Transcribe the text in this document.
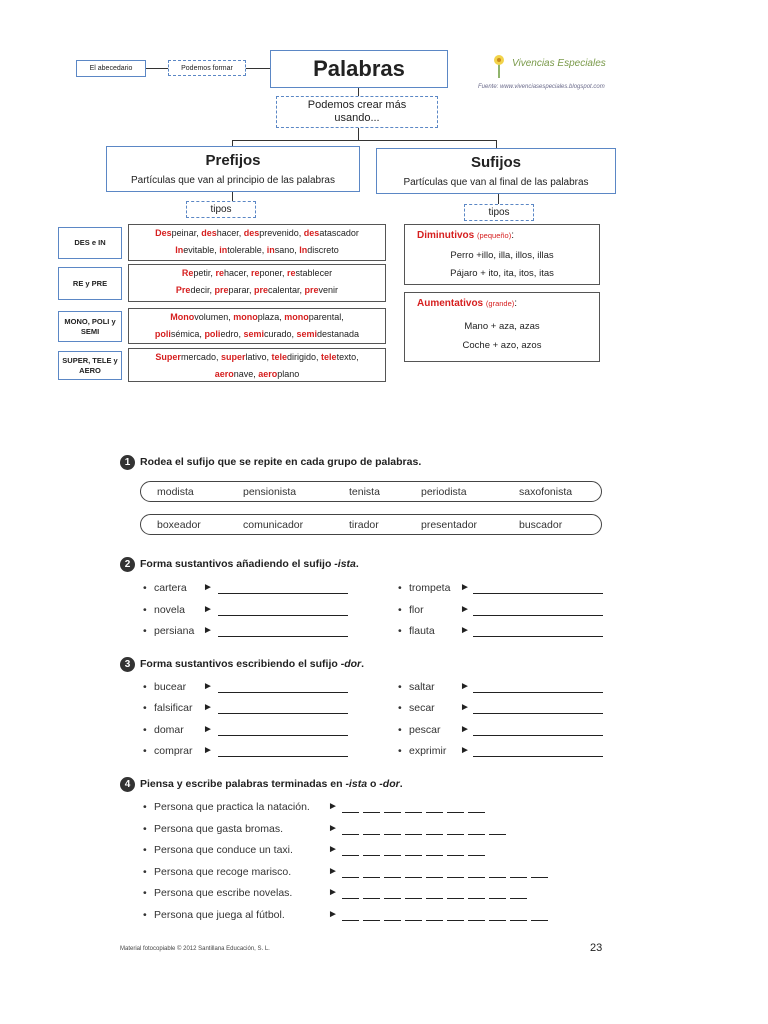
El abecedario	Podemos formar	Palabras	Vivencias Especiales
Fuente: www.vivenciasespeciales.blogspot.com
Podemos crear más usando...
Prefijos
Partículas que van al principio de las palabras
tipos
Sufijos
Partículas que van al final de las palabras
tipos
DES e IN
Despeinar, deshacer, desprevenido, desatascador
Inevitable, intolerable, insano, Indiscreto
RE y PRE
Repetir, rehacer, reponer, restablecer
Predecir, preparar, precalentar, prevenir
MONO, POLI y SEMI
Monovolumen, monoplaza, monoparental,
polisémica, poliedro, semicurado, semidestanada
SUPER, TELE y AERO
Supermercado, superlativo, teledirigido, teletexto,
aeronave, aeroplano
Diminutivos (pequeño):
Perro +illo, illa, illos, illas
Pájaro + ito, ita, itos, itas
Aumentativos (grande):
Mano + aza, azas
Coche + azo, azos
1 Rodea el sufijo que se repite en cada grupo de palabras.
modista	pensionista	tenista	periodista	saxofonista
boxeador	comunicador	tirador	presentador	buscador
2 Forma sustantivos añadiendo el sufijo -ista.
• cartera ►	• trompeta ►
• novela ►	• flor	►
• persiana ►	• flauta	►
3 Forma sustantivos escribiendo el sufijo -dor.
• bucear ►	• saltar	►
• falsificar ►	• secar	►
• domar ►	• pescar ►
• comprar ►	• exprimir ►
4 Piensa y escribe palabras terminadas en -ista o -dor.
• Persona que practica la natación. ►
• Persona que gasta bromas.	►
• Persona que conduce un taxi.	►
• Persona que recoge marisco.	►
• Persona que escribe novelas.	►
• Persona que juega al fútbol.	►
Material fotocopiable © 2012 Santillana Educación, S. L.	23
